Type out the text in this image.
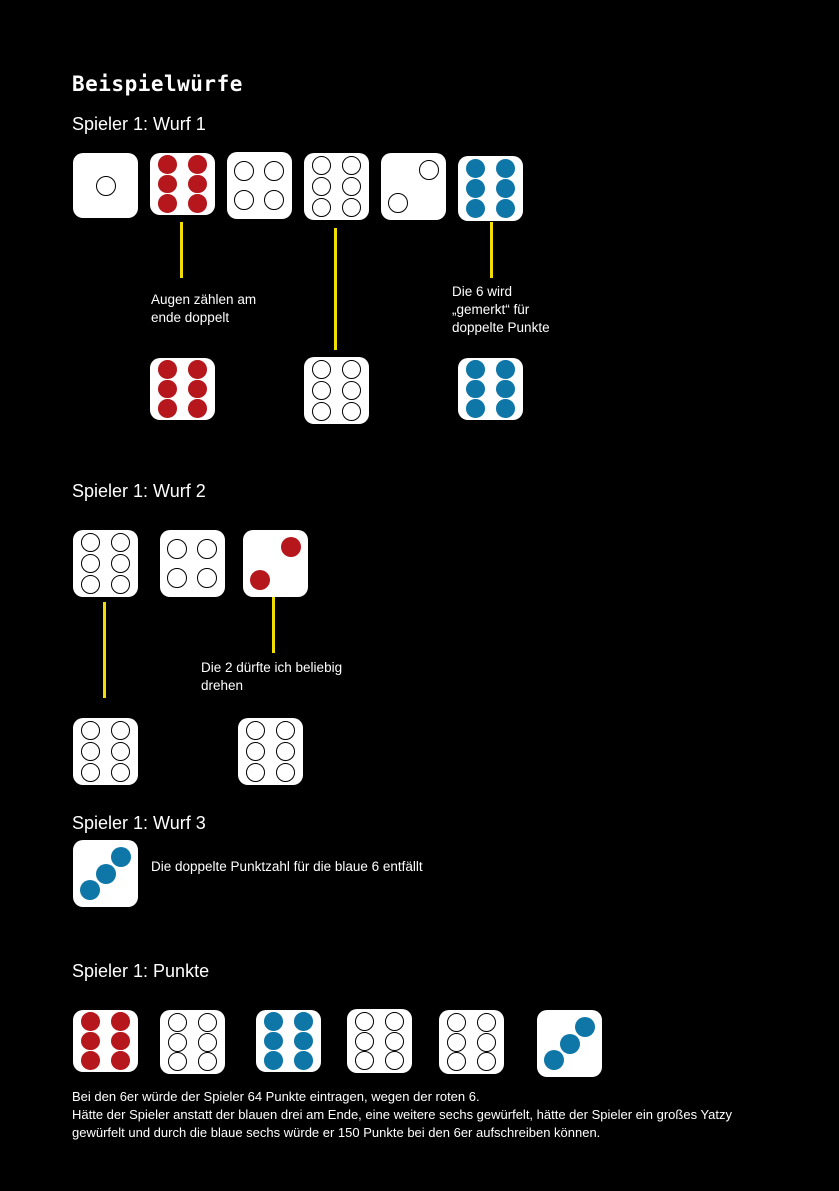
Beispielwürfe
Spieler 1: Wurf 1
Augen zählen am
ende doppelt
Die 6 wird
„gemerkt“ für
doppelte Punkte
Spieler 1: Wurf 2
Die 2 dürfte ich beliebig
drehen
Spieler 1: Wurf 3
Die doppelte Punktzahl für die blaue 6 entfällt
Spieler 1: Punkte
Bei den 6er würde der Spieler 64 Punkte eintragen, wegen der roten 6.
Hätte der Spieler anstatt der blauen drei am Ende, eine weitere sechs gewürfelt, hätte der Spieler ein großes Yatzy
gewürfelt und durch die blaue sechs würde er 150 Punkte bei den 6er aufschreiben können.
